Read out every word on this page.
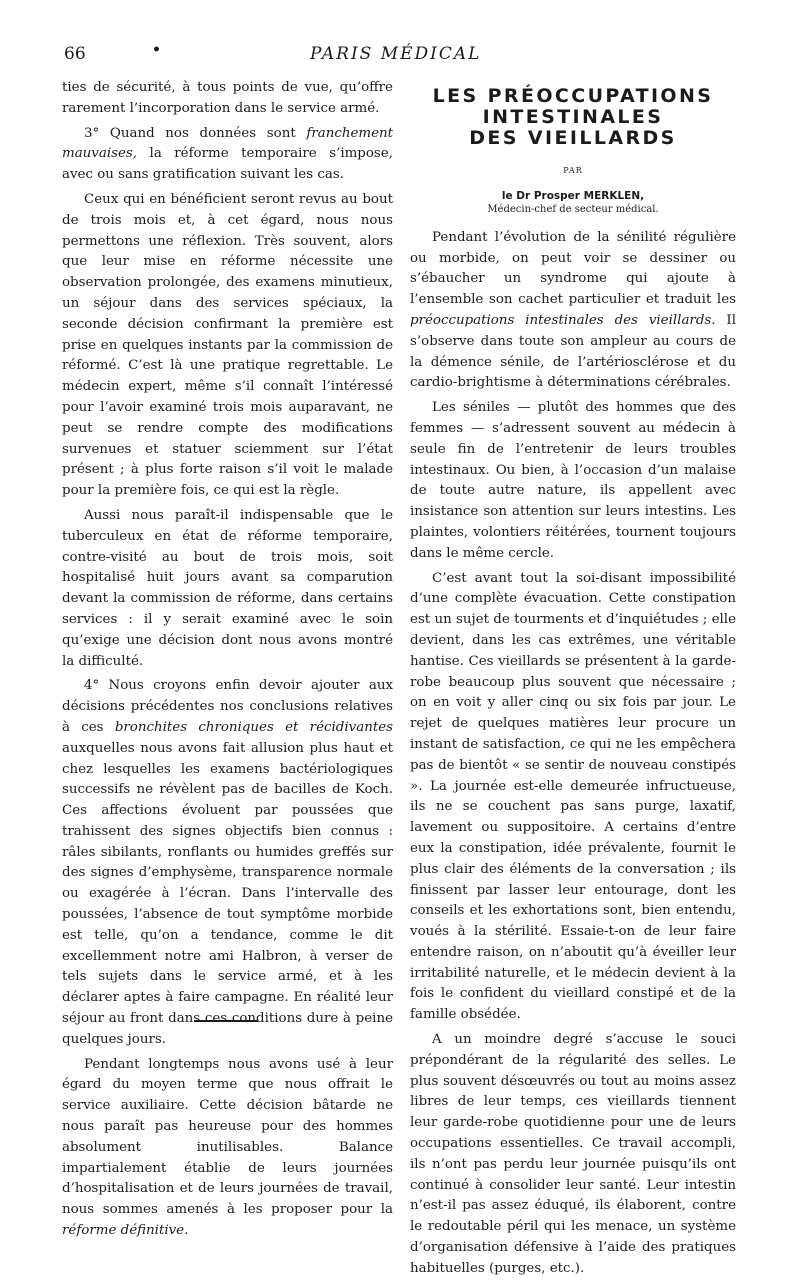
66	•	PARIS MÉDICAL

ties de sécurité, à tous points de vue, qu’offre rarement l’incorporation dans le service armé.

3° Quand nos données sont franchement mauvaises, la réforme temporaire s’impose, avec ou sans gratification suivant les cas.

Ceux qui en bénéficient seront revus au bout de trois mois et, à cet égard, nous nous permettons une réflexion. Très souvent, alors que leur mise en réforme nécessite une observation prolongée, des examens minutieux, un séjour dans des services spéciaux, la seconde décision confirmant la première est prise en quelques instants par la commission de réformé. C’est là une pratique regrettable. Le médecin expert, même s’il connaît l’intéressé pour l’avoir examiné trois mois auparavant, ne peut se rendre compte des modifications survenues et statuer sciemment sur l’état présent ; à plus forte raison s’il voit le malade pour la première fois, ce qui est la règle.

Aussi nous paraît-il indispensable que le tuberculeux en état de réforme temporaire, contre-visité au bout de trois mois, soit hospitalisé huit jours avant sa comparution devant la commission de réforme, dans certains services : il y serait examiné avec le soin qu’exige une décision dont nous avons montré la difficulté.

4° Nous croyons enfin devoir ajouter aux décisions précédentes nos conclusions relatives à ces bronchites chroniques et récidivantes auxquelles nous avons fait allusion plus haut et chez lesquelles les examens bactériologiques successifs ne révèlent pas de bacilles de Koch. Ces affections évoluent par poussées que trahissent des signes objectifs bien connus : râles sibilants, ronflants ou humides greffés sur des signes d’emphysème, transparence normale ou exagérée à l’écran. Dans l’intervalle des poussées, l’absence de tout symptôme morbide est telle, qu’on a tendance, comme le dit excellemment notre ami Halbron, à verser de tels sujets dans le service armé, et à les déclarer aptes à faire campagne. En réalité leur séjour au front dans ces conditions dure à peine quelques jours.

Pendant longtemps nous avons usé à leur égard du moyen terme que nous offrait le service auxiliaire. Cette décision bâtarde ne nous paraît pas heureuse pour des hommes absolument inutilisables. Balance impartialement établie de leurs journées d’hospitalisation et de leurs journées de travail, nous sommes amenés à les proposer pour la réforme définitive.

LES PRÉOCCUPATIONS
INTESTINALES
DES VIEILLARDS
PAR
le Dr Prosper MERKLEN,
Médecin-chef de secteur médical.

Pendant l’évolution de la sénilité régulière ou morbide, on peut voir se dessiner ou s’ébaucher un syndrome qui ajoute à l’ensemble son cachet particulier et traduit les préoccupations intestinales des vieillards. Il s’observe dans toute son ampleur au cours de la démence sénile, de l’artériosclérose et du cardio-brightisme à déterminations cérébrales.

Les séniles — plutôt des hommes que des femmes — s’adressent souvent au médecin à seule fin de l’entretenir de leurs troubles intestinaux. Ou bien, à l’occasion d’un malaise de toute autre nature, ils appellent avec insistance son attention sur leurs intestins. Les plaintes, volontiers réitérées, tournent toujours dans le même cercle.

C’est avant tout la soi-disant impossibilité d’une complète évacuation. Cette constipation est un sujet de tourments et d’inquiétudes ; elle devient, dans les cas extrêmes, une véritable hantise. Ces vieillards se présentent à la garde-robe beaucoup plus souvent que nécessaire ; on en voit y aller cinq ou six fois par jour. Le rejet de quelques matières leur procure un instant de satisfaction, ce qui ne les empêchera pas de bientôt « se sentir de nouveau constipés ». La journée est-elle demeurée infructueuse, ils ne se couchent pas sans purge, laxatif, lavement ou suppositoire. A certains d’entre eux la constipation, idée prévalente, fournit le plus clair des éléments de la conversation ; ils finissent par lasser leur entourage, dont les conseils et les exhortations sont, bien entendu, voués à la stérilité. Essaie-t-on de leur faire entendre raison, on n’aboutit qu’à éveiller leur irritabilité naturelle, et le médecin devient à la fois le confident du vieillard constipé et de la famille obsédée.

A un moindre degré s’accuse le souci prépondérant de la régularité des selles. Le plus souvent désœuvrés ou tout au moins assez libres de leur temps, ces vieillards tiennent leur garde-robe quotidienne pour une de leurs occupations essentielles. Ce travail accompli, ils n’ont pas perdu leur journée puisqu’ils ont continué à consolider leur santé. Leur intestin n’est-il pas assez éduqué, ils élaborent, contre le redoutable péril qui les menace, un système d’organisation défensive à l’aide des pratiques habituelles (purges, etc.).
